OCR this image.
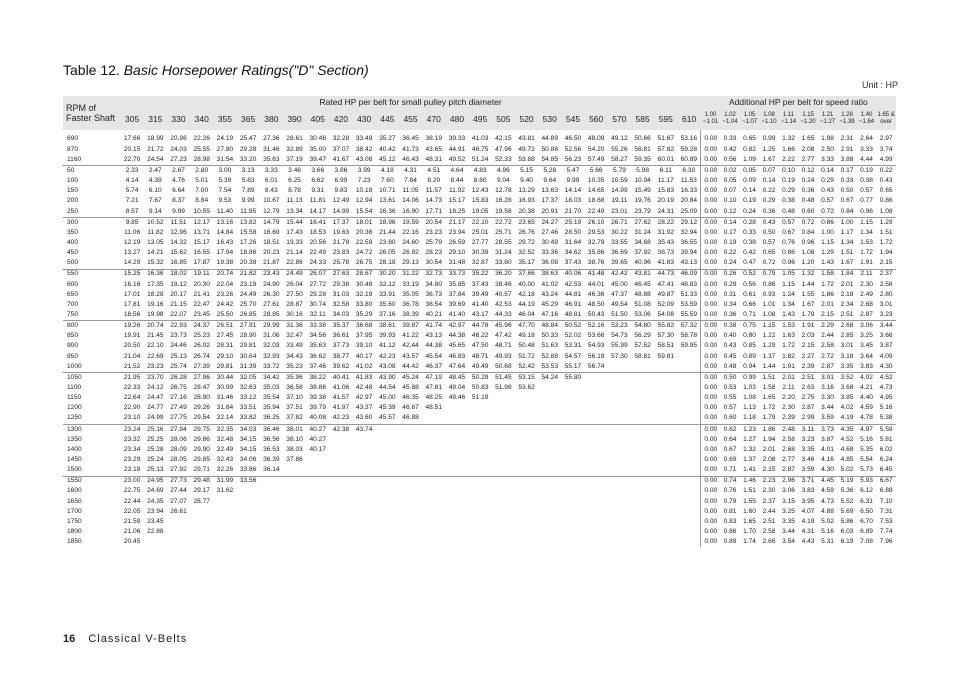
Table 12. Basic Horsepower Ratings("D" Section)
Unit : HP
RPM of Faster Shaft	Rated HP per belt for small pulley pitch diameter																									Additional HP per belt for speed ratio									
	305	315	330	340	355	365	380	390	405	420	430	445	455	470	480	495	505	520	530	545	560	570	585	595	610	1.00 ~1.01	1.02 ~1.04	1.05 ~1.07	1.08 ~1.10	1.11 ~1.14	1.15 ~1.20	1.21 ~1.27	1.28 ~1.39	1.40 ~1.64	1.65 & over
690	17.66	18.99	20.96	22.26	24.19	25.47	27.36	28.61	30.46	32.28	33.49	35.27	36.45	38.19	39.33	41.03	42.15	43.81	44.89	46.50	48.09	49.12	50.66	51.67	53.16	0.00	0.33	0.65	0.99	1.32	1.65	1.98	2.31	2.64	2.97
870	20.15	21.72	24.03	25.55	27.80	29.28	31.46	32.89	35.00	37.07	38.42	40.42	41.73	43.65	44.91	46.75	47.96	49.72	50.88	52.56	54.20	55.26	56.81	57.82	59.28	0.00	0.42	0.82	1.25	1.66	2.08	2.50	2.91	3.33	3.74
1160	22.70	24.54	27.23	28.98	31.54	33.20	35.63	37.19	39.47	41.67	43.08	45.12	46.43	48.31	49.52	51.24	52.33	53.88	54.85	56.23	57.49	58.27	59.35	60.01	60.89	0.00	0.56	1.09	1.67	2.22	2.77	3.33	3.88	4.44	4.99
50	2.33	2.47	2.67	2.80	3.00	3.13	3.33	3.46	3.66	3.86	3.99	4.18	4.31	4.51	4.64	4.83	4.96	5.15	5.28	5.47	5.66	5.79	5.98	6.11	6.30	0.00	0.02	0.05	0.07	0.10	0.12	0.14	0.17	0.19	0.22
100	4.14	4.39	4.76	5.01	5.39	5.63	6.01	6.25	6.62	6.99	7.23	7.60	7.84	8.20	8.44	8.80	9.04	9.40	9.64	9.99	10.35	10.59	10.94	11.17	11.53	0.00	0.05	0.09	0.14	0.19	0.24	0.29	0.33	0.38	0.43
150	5.74	6.10	6.64	7.00	7.54	7.89	8.43	8.78	9.31	9.83	10.18	10.71	11.05	11.57	11.92	12.43	12.78	13.29	13.63	14.14	14.65	14.99	15.49	15.83	16.33	0.00	0.07	0.14	0.22	0.29	0.36	0.43	0.50	0.57	0.65
200	7.21	7.67	8.37	8.84	9.53	9.99	10.67	11.13	11.81	12.49	12.94	13.61	14.06	14.73	15.17	15.83	16.28	16.93	17.37	18.03	18.68	19.11	19.76	20.19	20.84	0.00	0.10	0.19	0.29	0.38	0.48	0.57	0.67	0.77	0.86
250	8.57	9.14	9.99	10.55	11.40	11.95	12.79	13.34	14.17	14.99	15.54	16.36	16.90	17.71	18.25	19.05	19.58	20.38	20.91	21.70	22.49	23.01	23.79	24.31	25.09	0.00	0.12	0.24	0.36	0.48	0.60	0.72	0.84	0.96	1.08
300	9.85	10.52	11.51	12.17	13.16	13.82	14.79	15.44	16.41	17.37	18.01	18.96	19.59	20.54	21.17	22.10	22.72	23.65	24.27	25.19	26.10	26.71	27.62	28.22	29.12	0.00	0.14	0.28	0.43	0.57	0.72	0.86	1.00	1.15	1.29
350	11.06	11.82	12.96	13.71	14.84	15.58	16.69	17.43	18.53	19.63	20.36	21.44	22.16	23.23	23.94	25.01	25.71	26.76	27.46	28.50	29.53	30.22	31.24	31.92	32.94	0.00	0.17	0.33	0.50	0.67	0.84	1.00	1.17	1.34	1.51
400	12.19	13.05	14.32	15.17	16.43	17.26	18.51	19.33	20.56	21.78	22.59	23.80	24.60	25.79	26.59	27.77	28.55	29.72	30.49	31.64	32.79	33.55	34.68	35.43	36.55	0.00	0.19	0.38	0.57	0.76	0.96	1.15	1.34	1.53	1.72
450	13.27	14.21	15.62	16.55	17.94	18.86	20.23	21.14	22.49	23.83	24.72	26.05	26.92	28.23	29.10	30.39	31.24	32.52	33.36	34.62	35.86	36.69	37.92	38.73	39.94	0.00	0.22	0.42	0.65	0.86	1.08	1.29	1.51	1.72	1.94
500	14.29	15.32	16.85	17.87	19.38	20.38	21.87	22.86	24.33	25.78	26.75	28.18	29.13	30.54	31.48	32.87	33.80	35.17	36.08	37.43	38.76	39.65	40.96	41.83	43.13	0.00	0.24	0.47	0.72	0.96	1.20	1.43	1.67	1.91	2.15
550	15.25	16.36	18.02	19.11	20.74	21.82	23.43	24.49	26.07	27.63	28.67	30.20	31.22	32.73	33.73	35.22	36.20	37.66	38.63	40.06	41.48	42.42	43.81	44.73	46.09	0.00	0.26	0.52	0.79	1.05	1.32	1.58	1.84	2.11	2.37
600	16.16	17.35	19.12	20.30	22.04	23.19	24.90	26.04	27.72	29.38	30.48	32.12	33.19	34.80	35.85	37.43	38.46	40.00	41.02	42.53	44.01	45.00	46.45	47.41	48.83	0.00	0.29	0.56	0.86	1.15	1.44	1.72	2.01	2.30	2.58
650	17.01	18.28	20.17	21.41	23.26	24.49	26.30	27.50	29.28	31.03	32.19	33.91	35.05	36.73	37.84	39.49	40.57	42.18	43.24	44.81	46.36	47.37	48.88	49.87	51.33	0.00	0.31	0.61	0.93	1.24	1.55	1.86	2.18	2.49	2.80
700	17.81	19.16	21.15	22.47	24.42	25.70	27.61	28.87	30.74	32.58	33.80	35.60	36.78	38.54	39.69	41.40	42.53	44.19	45.29	46.91	48.50	49.54	51.08	52.09	53.59	0.00	0.34	0.66	1.01	1.34	1.67	2.01	2.34	2.68	3.01
750	18.56	19.98	22.07	23.45	25.50	26.85	28.85	30.16	32.11	34.03	35.29	37.16	38.39	40.21	41.40	43.17	44.33	46.04	47.16	48.81	50.43	51.50	53.06	54.08	55.59	0.00	0.36	0.71	1.08	1.43	1.79	2.15	2.51	2.87	3.23
800	19.26	20.74	22.93	24.37	26.51	27.91	29.99	31.36	33.38	35.37	36.68	38.61	39.87	41.74	42.97	44.78	45.96	47.70	48.84	50.52	52.16	53.23	54.80	55.82	57.32	0.00	0.38	0.75	1.15	1.53	1.91	2.29	2.68	3.06	3.44
850	19.91	21.45	23.73	25.23	27.45	28.90	31.06	32.47	34.56	36.61	37.95	39.93	41.22	43.13	44.38	46.22	47.42	49.18	50.33	52.02	53.66	54.73	56.29	57.30	58.78	0.00	0.40	0.80	1.22	1.63	2.03	2.44	2.85	3.25	3.66
900	20.50	22.10	24.46	26.02	28.31	29.81	32.03	33.49	35.63	37.73	39.10	41.12	42.44	44.38	45.65	47.50	48.71	50.48	51.63	53.31	54.93	55.99	57.52	58.51	59.95	0.00	0.43	0.85	1.29	1.72	2.15	2.58	3.01	3.45	3.87
950	21.04	22.69	25.13	26.74	29.10	30.64	32.93	34.43	36.62	38.77	40.17	42.23	43.57	45.54	46.83	48.71	49.93	51.72	52.88	54.57	56.19	57.30	58.81	59.81		0.00	0.45	0.89	1.37	1.82	2.27	2.72	3.18	3.64	4.09
1000	21.52	23.23	25.74	27.39	29.81	31.39	33.72	35.23	37.46	39.62	41.02	43.08	44.42	46.37	47.64	49.49	50.68	52.42	53.53	55.17	56.74					0.00	0.48	0.94	1.44	1.91	2.39	2.87	3.35	3.83	4.30
1050	21.95	23.70	26.28	27.96	30.44	32.05	34.42	35.96	38.22	40.41	41.83	43.90	45.24	47.19	48.45	50.28	51.45	53.15	54.24	55.80						0.00	0.50	0.99	1.51	2.01	2.51	3.01	3.52	4.02	4.52
1100	22.33	24.12	26.75	28.47	30.99	32.63	35.03	36.58	38.86	41.06	42.48	44.54	45.88	47.81	49.04	50.83	51.98	53.62								0.00	0.53	1.03	1.58	2.11	2.63	3.16	3.68	4.21	4.73
1150	22.64	24.47	27.16	28.90	31.46	33.12	35.54	37.10	39.38	41.57	42.97	45.00	46.35	48.25	49.46	51.19										0.00	0.55	1.08	1.65	2.20	2.75	3.30	3.85	4.40	4.95
1200	22.90	24.77	27.49	29.26	31.84	33.51	35.94	37.51	39.79	41.97	43.37	45.39	46.67	48.51												0.00	0.57	1.13	1.72	2.30	2.87	3.44	4.02	4.59	5.16
1250	23.10	24.99	27.75	29.54	32.14	33.82	36.25	37.82	40.08	42.23	43.60	45.57	46.88													0.00	0.60	1.18	1.79	2.39	2.99	3.59	4.19	4.78	5.38
1300	23.24	25.16	27.94	29.75	32.35	34.03	36.46	38.01	40.27	42.38	43.74															0.00	0.62	1.23	1.86	2.48	3.11	3.73	4.35	4.97	5.59
1350	23.32	25.25	28.06	29.86	32.48	34.15	36.56	38.10	40.27																	0.00	0.64	1.27	1.94	2.58	3.23	3.87	4.52	5.16	5.81
1400	23.34	25.28	28.09	29.90	32.49	34.15	36.53	38.03	40.17																	0.00	0.67	1.32	2.01	2.68	3.35	4.01	4.68	5.35	6.02
1450	23.29	25.24	28.05	29.85	32.43	34.06	36.39	37.86																		0.00	0.69	1.37	2.08	2.77	3.46	4.16	4.85	5.54	6.24
1500	23.18	25.13	27.92	29.71	32.26	33.86	36.14																			0.00	0.71	1.41	2.15	2.87	3.59	4.30	5.02	5.73	6.45
1550	23.00	24.95	27.73	29.48	31.99	33.56																				0.00	0.74	1.46	2.23	2.96	3.71	4.45	5.19	5.93	6.67
1600	22.75	24.69	27.44	29.17	31.62																					0.00	0.76	1.51	2.30	3.06	3.83	4.59	5.36	6.12	6.88
1650	22.44	24.35	27.07	28.77																						0.00	0.79	1.55	2.37	3.15	3.95	4.73	5.52	6.31	7.10
1700	22.05	23.94	26.61																							0.00	0.81	1.60	2.44	3.25	4.07	4.88	5.69	6.50	7.31
1750	21.59	23.45																								0.00	0.83	1.65	2.51	3.35	4.19	5.02	5.86	6.70	7.53
1800	21.06	22.88																								0.00	0.86	1.70	2.58	3.44	4.31	5.16	6.03	6.89	7.74
1850	20.45																									0.00	0.89	1.74	2.66	3.54	4.43	5.31	6.19	7.08	7.96
16 Classical V-Belts
